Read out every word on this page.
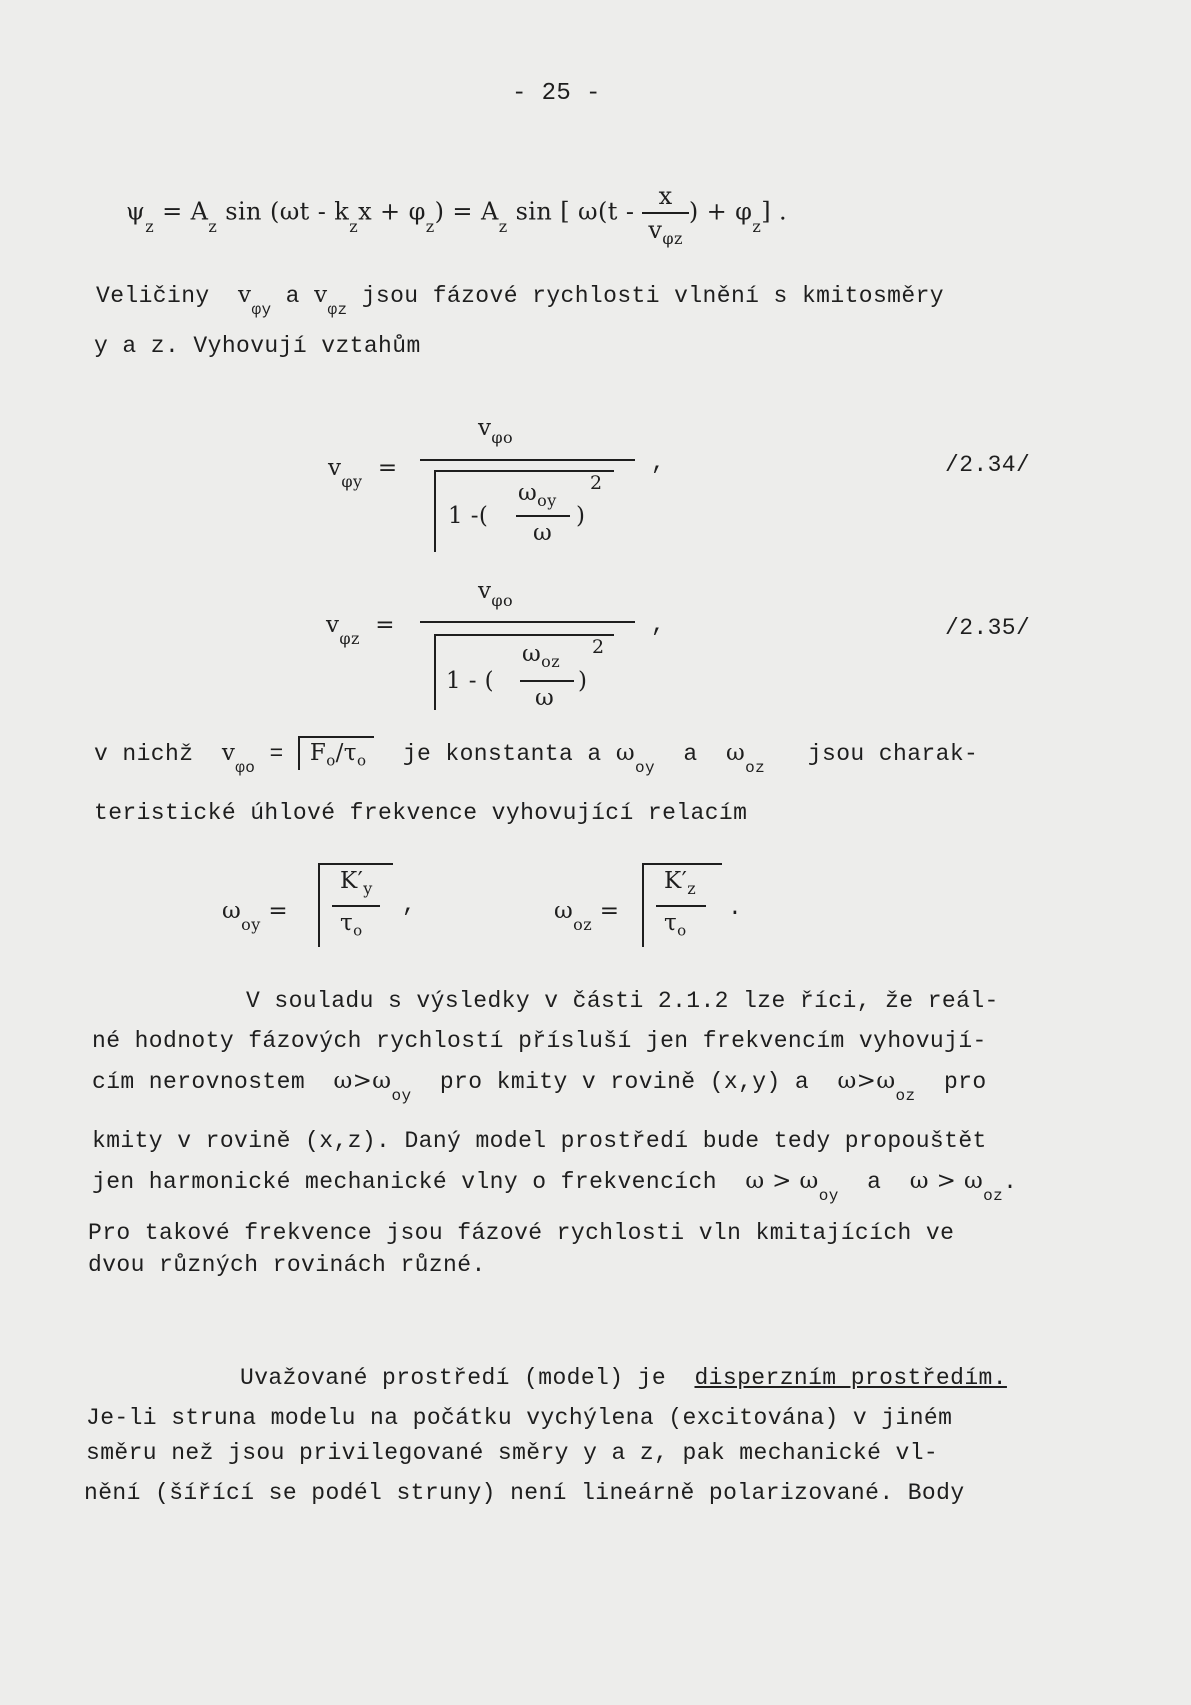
- 25 -
$\psi_z = A_z$ $\sin (\omega t - k_zx + \varphi_z) = A_z$ sin [ $\omega(t - \frac{x}{v_{\varphi z}}$ ) + $\varphi_z$] .
Veličiny $v_{\varphi y}$ a $v_{\varphi z}$ jsou fázové rychlosti vlnění s kmitosměry
y a z. Vyhovují vztahům
$v_{\varphi y}$  =
$v_{\varphi o}$
1 -(
$\omega_{oy}$
ω
)
2
,	/2.34/
$v_{\varphi z}$  =
$v_{\varphi o}$
1 - (
$\omega_{oz}$
ω
)
2
,	/2.35/
v nichž $v_{\varphi o} = F_o/\tau_o$ je konstanta a $\omega_{oy}$  a $\omega_{oz}$   jsou charak-
teristické úhlové frekvence vyhovující relacím
$\omega_{oy}$ =
$K'_y$
$\tau_o$
,	$\omega_{oz}$ =
$K'_z$
$\tau_o$
.
V souladu s výsledky v části 2.1.2 lze říci, že reál-
né hodnoty fázových rychlostí přísluší jen frekvencím vyhovují-
cím nerovnostem $\omega>\omega_{oy}$  pro kmity v rovině (x,y) a $\omega>\omega_{oz}$  pro
kmity v rovině (x,z). Daný model prostředí bude tedy propouštět
jen harmonické mechanické vlny o frekvencích $\omega > \omega_{oy}$  a $\omega > \omega_{oz}$.
Pro takové frekvence jsou fázové rychlosti vln kmitajících ve
dvou různých rovinách různé.
Uvažované prostředí (model) je disperzním prostředím.
Je-li struna modelu na počátku vychýlena (excitována) v jiném
směru než jsou privilegované směry y a z, pak mechanické vl-
nění (šířící se podél struny) není lineárně polarizované. Body
